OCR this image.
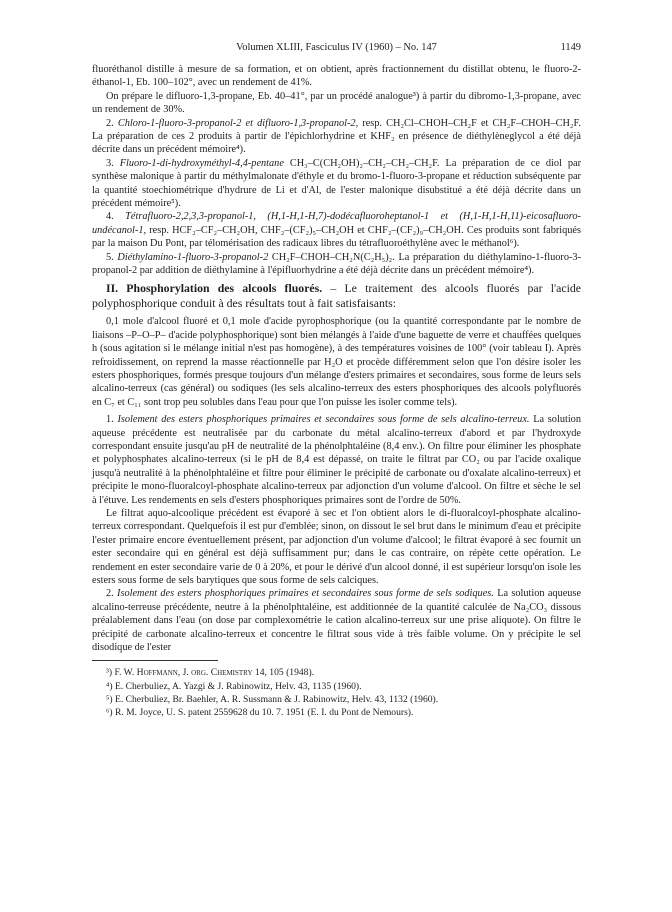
Volumen XLIII, Fasciculus IV (1960) – No. 147	1149

fluoréthanol distille à mesure de sa formation, et on obtient, après fractionnement du distillat obtenu, le fluoro-2-éthanol-1, Eb. 100–102°, avec un rendement de 41%.

On prépare le difluoro-1,3-propane, Eb. 40–41°, par un procédé analogue³) à partir du dibromo-1,3-propane, avec un rendement de 30%.

2. Chloro-1-fluoro-3-propanol-2 et difluoro-1,3-propanol-2, resp. CH₂Cl–CHOH–CH₂F et CH₂F–CHOH–CH₂F. La préparation de ces 2 produits à partir de l'épichlorhydrine et KHF₂ en présence de diéthylèneglycol a été déjà décrite dans un précédent mémoire⁴).

3. Fluoro-1-di-hydroxyméthyl-4,4-pentane CH₃–C(CH₂OH)₂–CH₂–CH₂–CH₂F. La préparation de ce diol par synthèse malonique à partir du méthylmalonate d'éthyle et du bromo-1-fluoro-3-propane et réduction subséquente par la quantité stoechiométrique d'hydrure de Li et d'Al, de l'ester malonique disubstitué a été déjà décrite dans un précédent mémoire⁵).

4. Tétrafluoro-2,2,3,3-propanol-1, (H,1-H,1-H,7)-dodécafluoroheptanol-1 et (H,1-H,1-H,11)-eicosafluoro-undécanol-1, resp. HCF₂–CF₂–CH₂OH, CHF₂–(CF₂)₅–CH₂OH et CHF₂–(CF₂)₉–CH₂OH. Ces produits sont fabriqués par la maison Du Pont, par télomérisation des radicaux libres du tétrafluoroéthylène avec le méthanol⁶).

5. Diéthylamino-1-fluoro-3-propanol-2 CH₂F–CHOH–CH₂N(C₂H₅)₂. La préparation du diéthylamino-1-fluoro-3-propanol-2 par addition de diéthylamine à l'épifluorhydrine a été déjà décrite dans un précédent mémoire⁴).

II. Phosphorylation des alcools fluorés. – Le traitement des alcools fluorés par l'acide polyphosphorique conduit à des résultats tout à fait satisfaisants:

0,1 mole d'alcool fluoré et 0,1 mole d'acide pyrophosphorique (ou la quantité correspondante par le nombre de liaisons –P–O–P– d'acide polyphosphorique) sont bien mélangés à l'aide d'une baguette de verre et chauffées quelques h (sous agitation si le mélange initial n'est pas homogène), à des températures voisines de 100° (voir tableau I). Après refroidissement, on reprend la masse réactionnelle par H₂O et procède différemment selon que l'on désire isoler les esters phosphoriques, formés presque toujours d'un mélange d'esters primaires et secondaires, sous forme de leurs sels alcalino-terreux (cas général) ou sodiques (les sels alcalino-terreux des esters phosphoriques des alcools polyfluorés en C₇ et C₁₁ sont trop peu solubles dans l'eau pour que l'on puisse les isoler comme tels).

1. Isolement des esters phosphoriques primaires et secondaires sous forme de sels alcalino-terreux. La solution aqueuse précédente est neutralisée par du carbonate du métal alcalino-terreux d'abord et par l'hydroxyde correspondant ensuite jusqu'au pH de neutralité de la phénolphtaléine (8,4 env.). On filtre pour éliminer les phosphate et polyphosphates alcalino-terreux (si le pH de 8,4 est dépassé, on traite le filtrat par CO₂ ou par l'acide oxalique jusqu'à neutralité à la phénolphtaléine et filtre pour éliminer le précipité de carbonate ou d'oxalate alcalino-terreux) et précipite le mono-fluoralcoyl-phosphate alcalino-terreux par adjonction d'un volume d'alcool. On filtre et sèche le sel à l'étuve. Les rendements en sels d'esters phosphoriques primaires sont de l'ordre de 50%.

Le filtrat aquo-alcoolique précédent est évaporé à sec et l'on obtient alors le di-fluoralcoyl-phosphate alcalino-terreux correspondant. Quelquefois il est pur d'emblée; sinon, on dissout le sel brut dans le minimum d'eau et précipite l'ester primaire encore éventuellement présent, par adjonction d'un volume d'alcool; le filtrat évaporé à sec fournit un ester secondaire qui en général est déjà suffisamment pur; dans le cas contraire, on répète cette opération. Le rendement en ester secondaire varie de 0 à 20%, et pour le dérivé d'un alcool donné, il est supérieur lorsqu'on isole les esters sous forme de sels barytiques que sous forme de sels calciques.

2. Isolement des esters phosphoriques primaires et secondaires sous forme de sels sodiques. La solution aqueuse alcalino-terreuse précédente, neutre à la phénolphtaléine, est additionnée de la quantité calculée de Na₂CO₃ dissous préalablement dans l'eau (on dose par complexométrie le cation alcalino-terreux sur une prise aliquote). On filtre le précipité de carbonate alcalino-terreux et concentre le filtrat sous vide à très faible volume. On y précipite le sel disodique de l'ester

³) F. W. Hoffmann, J. org. Chemistry 14, 105 (1948).

⁴) E. Cherbuliez, A. Yazgi & J. Rabinowitz, Helv. 43, 1135 (1960).

⁵) E. Cherbuliez, Br. Baehler, A. R. Sussmann & J. Rabinowitz, Helv. 43, 1132 (1960).

⁶) R. M. Joyce, U. S. patent 2559628 du 10. 7. 1951 (E. I. du Pont de Nemours).
